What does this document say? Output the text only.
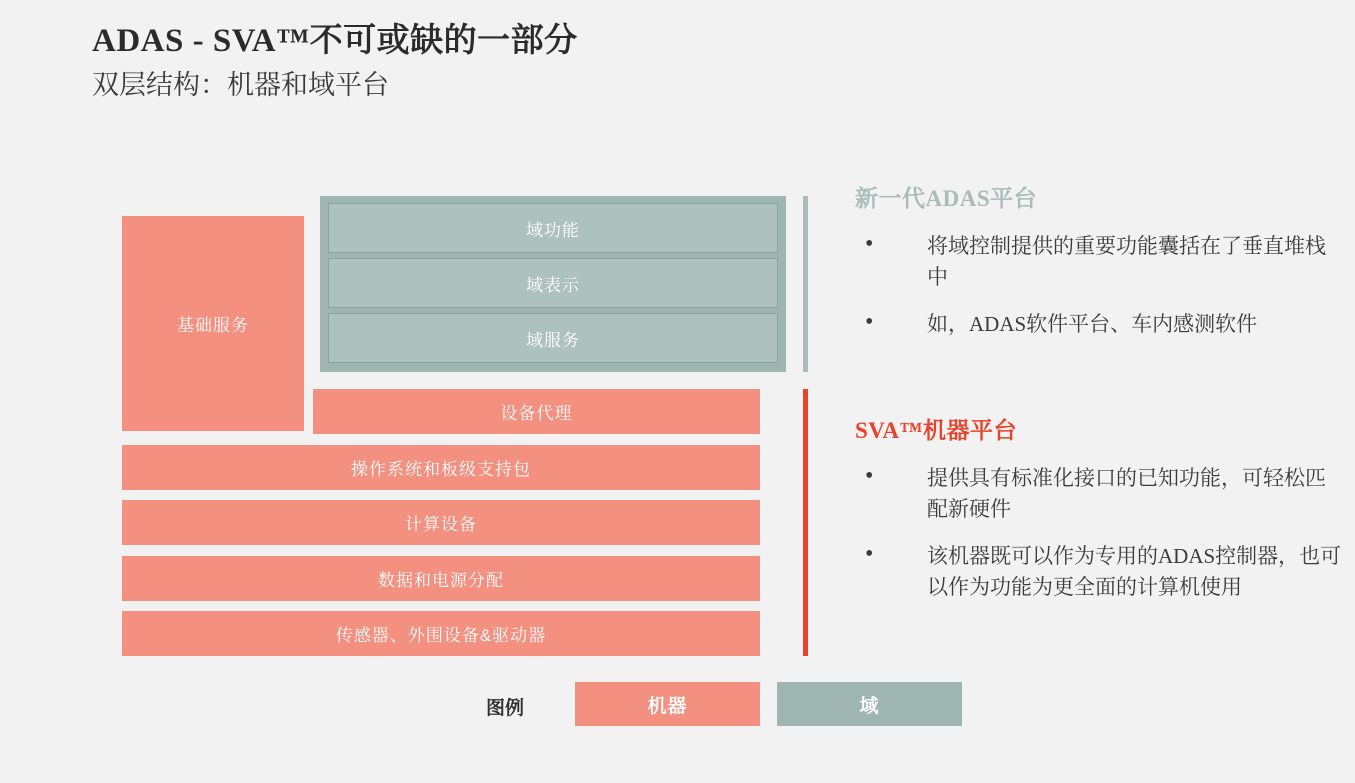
ADAS - SVA™不可或缺的一部分
双层结构：机器和域平台
基础服务
域功能
域表示
域服务
设备代理
操作系统和板级支持包
计算设备
数据和电源分配
传感器、外围设备&驱动器
图例	机器	域
新一代ADAS平台
• 将域控制提供的重要功能囊括在了垂直堆栈中
• 如，ADAS软件平台、车内感测软件
SVA™机器平台
• 提供具有标准化接口的已知功能，可轻松匹配新硬件
• 该机器既可以作为专用的ADAS控制器，也可以作为功能为更全面的计算机使用
